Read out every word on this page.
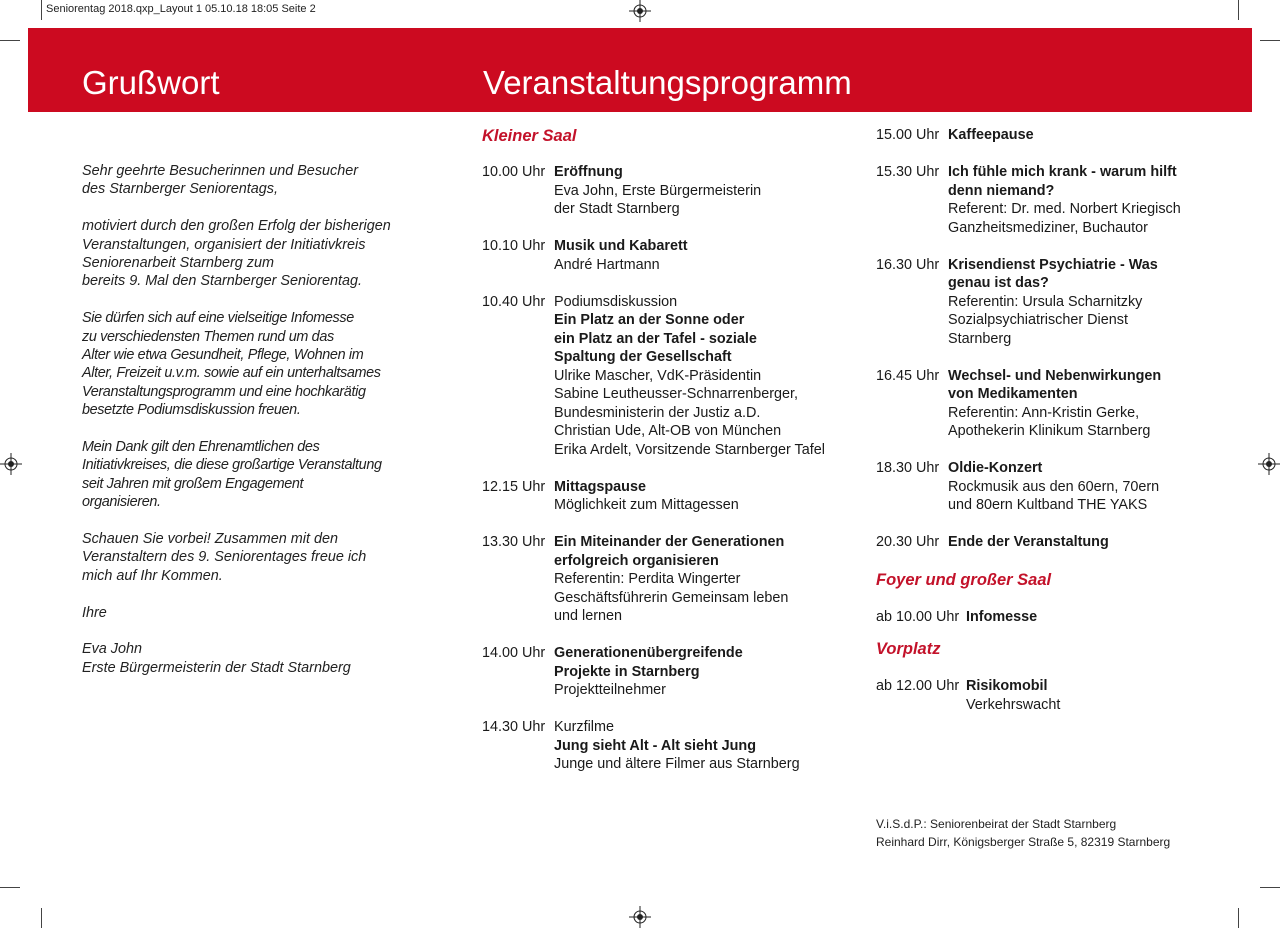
Seniorentag 2018.qxp_Layout 1 05.10.18 18:05 Seite 2
Grußwort	Veranstaltungsprogramm

Sehr geehrte Besucherinnen und Besucher
des Starnberger Seniorentags,

motiviert durch den großen Erfolg der bisherigen
Veranstaltungen, organisiert der Initiativkreis
Seniorenarbeit Starnberg zum
bereits 9. Mal den Starnberger Seniorentag.

Sie dürfen sich auf eine vielseitige Infomesse
zu verschiedensten Themen rund um das
Alter wie etwa Gesundheit, Pflege, Wohnen im
Alter, Freizeit u.v.m. sowie auf ein unterhaltsames
Veranstaltungsprogramm und eine hochkarätig
besetzte Podiumsdiskussion freuen.

Mein Dank gilt den Ehrenamtlichen des
Initiativkreises, die diese großartige Veranstaltung
seit Jahren mit großem Engagement
organisieren.

Schauen Sie vorbei! Zusammen mit den
Veranstaltern des 9. Seniorentages freue ich
mich auf Ihr Kommen.

Ihre

Eva John
Erste Bürgermeisterin der Stadt Starnberg

Kleiner Saal
10.00 Uhr Eröffnung
Eva John, Erste Bürgermeisterin
der Stadt Starnberg
10.10 Uhr Musik und Kabarett
André Hartmann
10.40 Uhr Podiumsdiskussion
Ein Platz an der Sonne oder
ein Platz an der Tafel - soziale
Spaltung der Gesellschaft
Ulrike Mascher, VdK-Präsidentin
Sabine Leutheusser-Schnarrenberger,
Bundesministerin der Justiz a.D.
Christian Ude, Alt-OB von München
Erika Ardelt, Vorsitzende Starnberger Tafel
12.15 Uhr Mittagspause
Möglichkeit zum Mittagessen
13.30 Uhr Ein Miteinander der Generationen
erfolgreich organisieren
Referentin: Perdita Wingerter
Geschäftsführerin Gemeinsam leben
und lernen
14.00 Uhr Generationenübergreifende
Projekte in Starnberg
Projektteilnehmer
14.30 Uhr Kurzfilme
Jung sieht Alt - Alt sieht Jung
Junge und ältere Filmer aus Starnberg
15.00 Uhr Kaffeepause
15.30 Uhr Ich fühle mich krank - warum hilft
denn niemand?
Referent: Dr. med. Norbert Kriegisch
Ganzheitsmediziner, Buchautor
16.30 Uhr Krisendienst Psychiatrie - Was
genau ist das?
Referentin: Ursula Scharnitzky
Sozialpsychiatrischer Dienst
Starnberg
16.45 Uhr Wechsel- und Nebenwirkungen
von Medikamenten
Referentin: Ann-Kristin Gerke,
Apothekerin Klinikum Starnberg
18.30 Uhr Oldie-Konzert
Rockmusik aus den 60ern, 70ern
und 80ern Kultband THE YAKS
20.30 Uhr Ende der Veranstaltung
Foyer und großer Saal
ab 10.00 Uhr Infomesse
Vorplatz
ab 12.00 Uhr Risikomobil
Verkehrswacht
V.i.S.d.P.: Seniorenbeirat der Stadt Starnberg
Reinhard Dirr, Königsberger Straße 5, 82319 Starnberg
